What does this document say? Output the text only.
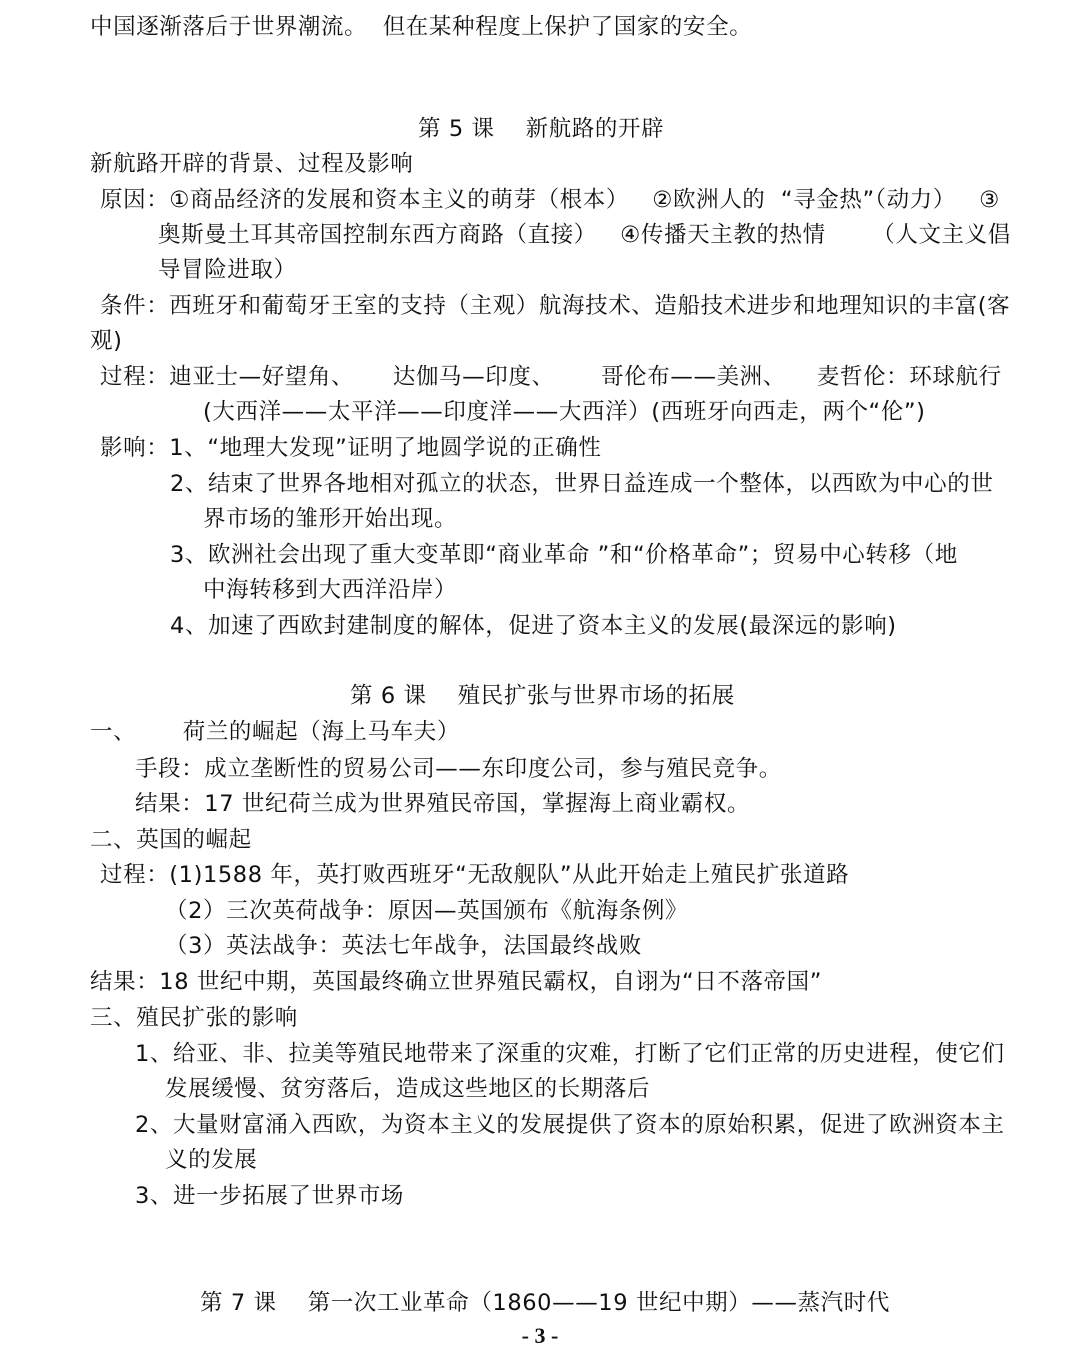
中国逐渐落后于世界潮流。  但在某种程度上保护了国家的安全。
第 5 课    新航路的开辟
新航路开辟的背景、过程及影响
原因：①商品经济的发展和资本主义的萌芽（根本）   ②欧洲人的  “寻金热”（动力）   ③
奥斯曼土耳其帝国控制东西方商路（直接）   ④传播天主教的热情      （人文主义倡
导冒险进取）
条件：西班牙和葡萄牙王室的支持（主观）航海技术、造船技术进步和地理知识的丰富(客
观)
过程：迪亚士—好望角、     达伽马—印度、      哥伦布——美洲、    麦哲伦：环球航行
(大西洋——太平洋——印度洋——大西洋）(西班牙向西走，两个“伦”)
影响：1、“地理大发现”证明了地圆学说的正确性
2、结束了世界各地相对孤立的状态，世界日益连成一个整体，以西欧为中心的世
界市场的雏形开始出现。
3、欧洲社会出现了重大变革即“商业革命 ”和“价格革命”；贸易中心转移（地
中海转移到大西洋沿岸）
4、加速了西欧封建制度的解体，促进了资本主义的发展(最深远的影响)
第 6 课    殖民扩张与世界市场的拓展
一、      荷兰的崛起（海上马车夫）
手段：成立垄断性的贸易公司——东印度公司，参与殖民竞争。
结果：17 世纪荷兰成为世界殖民帝国，掌握海上商业霸权。
二、英国的崛起
过程：(1)1588 年，英打败西班牙“无敌舰队”从此开始走上殖民扩张道路
（2）三次英荷战争：原因—英国颁布《航海条例》
（3）英法战争：英法七年战争，法国最终战败
结果：18 世纪中期，英国最终确立世界殖民霸权，自诩为“日不落帝国”
三、殖民扩张的影响
1、给亚、非、拉美等殖民地带来了深重的灾难，打断了它们正常的历史进程，使它们
发展缓慢、贫穷落后，造成这些地区的长期落后
2、大量财富涌入西欧，为资本主义的发展提供了资本的原始积累，促进了欧洲资本主
义的发展
3、进一步拓展了世界市场
第 7 课    第一次工业革命（1860——19 世纪中期）——蒸汽时代
- 3 -
